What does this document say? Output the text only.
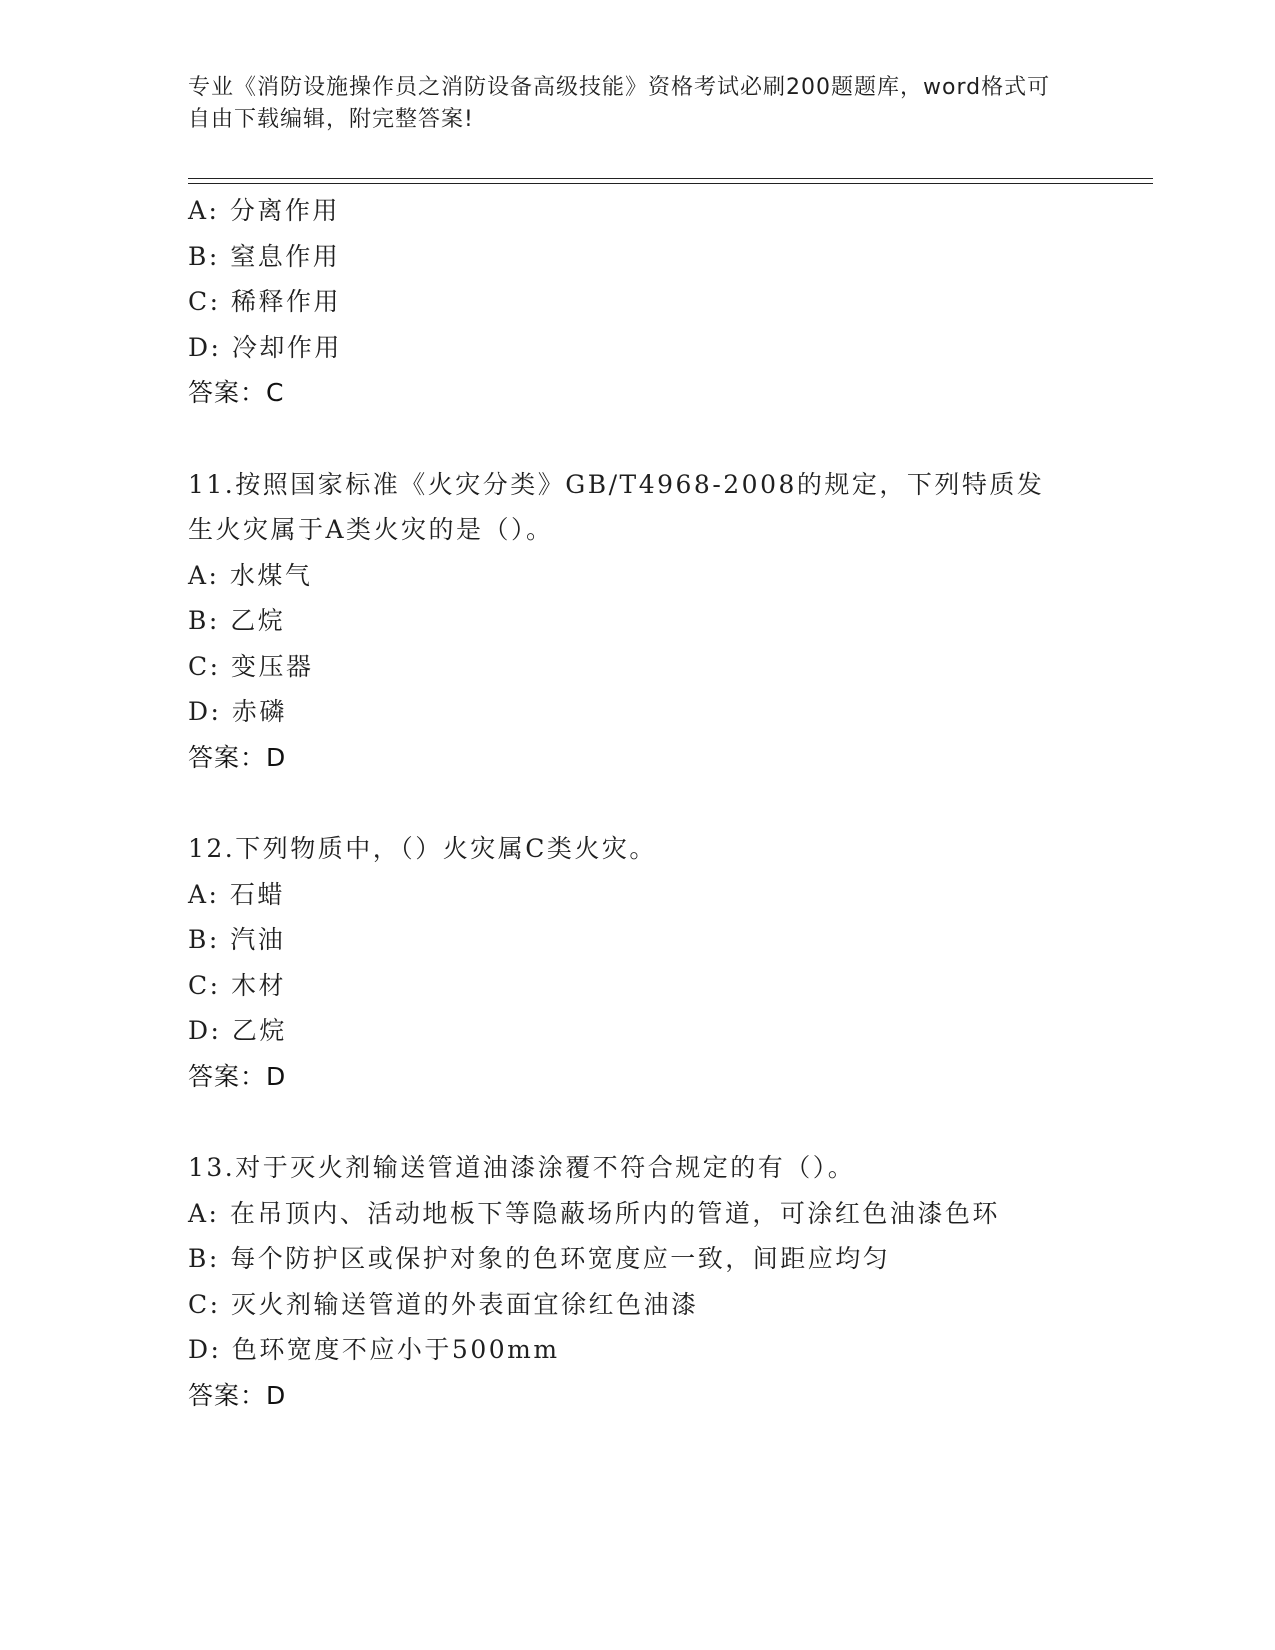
专业《消防设施操作员之消防设备高级技能》资格考试必刷200题题库，word格式可自由下载编辑，附完整答案!
A: 分离作用
B: 窒息作用
C: 稀释作用
D: 冷却作用
答案：C
11.按照国家标准《火灾分类》GB/T4968-2008的规定，下列特质发生火灾属于A类火灾的是（）。
A: 水煤气
B: 乙烷
C: 变压器
D: 赤磷
答案：D
12.下列物质中，（）火灾属C类火灾。
A: 石蜡
B: 汽油
C: 木材
D: 乙烷
答案：D
13.对于灭火剂输送管道油漆涂覆不符合规定的有（）。
A: 在吊顶内、活动地板下等隐蔽场所内的管道，可涂红色油漆色环
B: 每个防护区或保护对象的色环宽度应一致，间距应均匀
C: 灭火剂输送管道的外表面宜徐红色油漆
D: 色环宽度不应小于500mm
答案：D
